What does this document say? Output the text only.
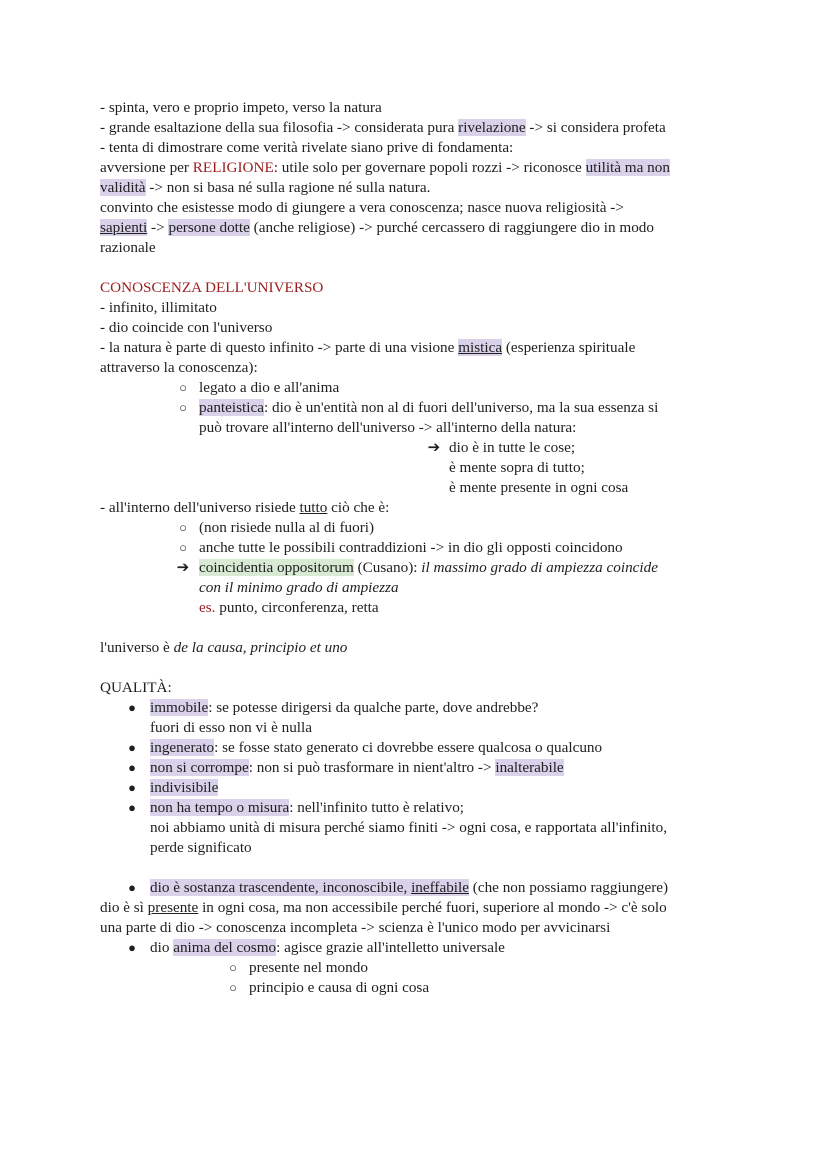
- spinta, vero e proprio impeto, verso la natura
- grande esaltazione della sua filosofia -> considerata pura rivelazione -> si considera profeta
- tenta di dimostrare come verità rivelate siano prive di fondamenta:
avversione per RELIGIONE: utile solo per governare popoli rozzi -> riconosce utilità ma non
validità -> non si basa né sulla ragione né sulla natura.
convinto che esistesse modo di giungere a vera conoscenza; nasce nuova religiosità ->
sapienti -> persone dotte (anche religiose) -> purché cercassero di raggiungere dio in modo
razionale
CONOSCENZA DELL'UNIVERSO
- infinito, illimitato
- dio coincide con l'universo
- la natura è parte di questo infinito -> parte di una visione mistica (esperienza spirituale
attraverso la conoscenza):
○ legato a dio e all'anima
○ panteistica: dio è un'entità non al di fuori dell'universo, ma la sua essenza si
può trovare all'interno dell'universo -> all'interno della natura:
➔ dio è in tutte le cose;
è mente sopra di tutto;
è mente presente in ogni cosa
- all'interno dell'universo risiede tutto ciò che è:
○ (non risiede nulla al di fuori)
○ anche tutte le possibili contraddizioni -> in dio gli opposti coincidono
➔ coincidentia oppositorum (Cusano): il massimo grado di ampiezza coincide
con il minimo grado di ampiezza
es. punto, circonferenza, retta
l'universo è de la causa, principio et uno
QUALITÀ:
● immobile: se potesse dirigersi da qualche parte, dove andrebbe?
fuori di esso non vi è nulla
● ingenerato: se fosse stato generato ci dovrebbe essere qualcosa o qualcuno
● non si corrompe: non si può trasformare in nient'altro -> inalterabile
● indivisibile
● non ha tempo o misura: nell'infinito tutto è relativo;
noi abbiamo unità di misura perché siamo finiti -> ogni cosa, e rapportata all'infinito,
perde significato
● dio è sostanza trascendente, inconoscibile, ineffabile (che non possiamo raggiungere)
dio è sì presente in ogni cosa, ma non accessibile perché fuori, superiore al mondo -> c'è solo
una parte di dio -> conoscenza incompleta -> scienza è l'unico modo per avvicinarsi
● dio anima del cosmo: agisce grazie all'intelletto universale
○ presente nel mondo
○ principio e causa di ogni cosa
